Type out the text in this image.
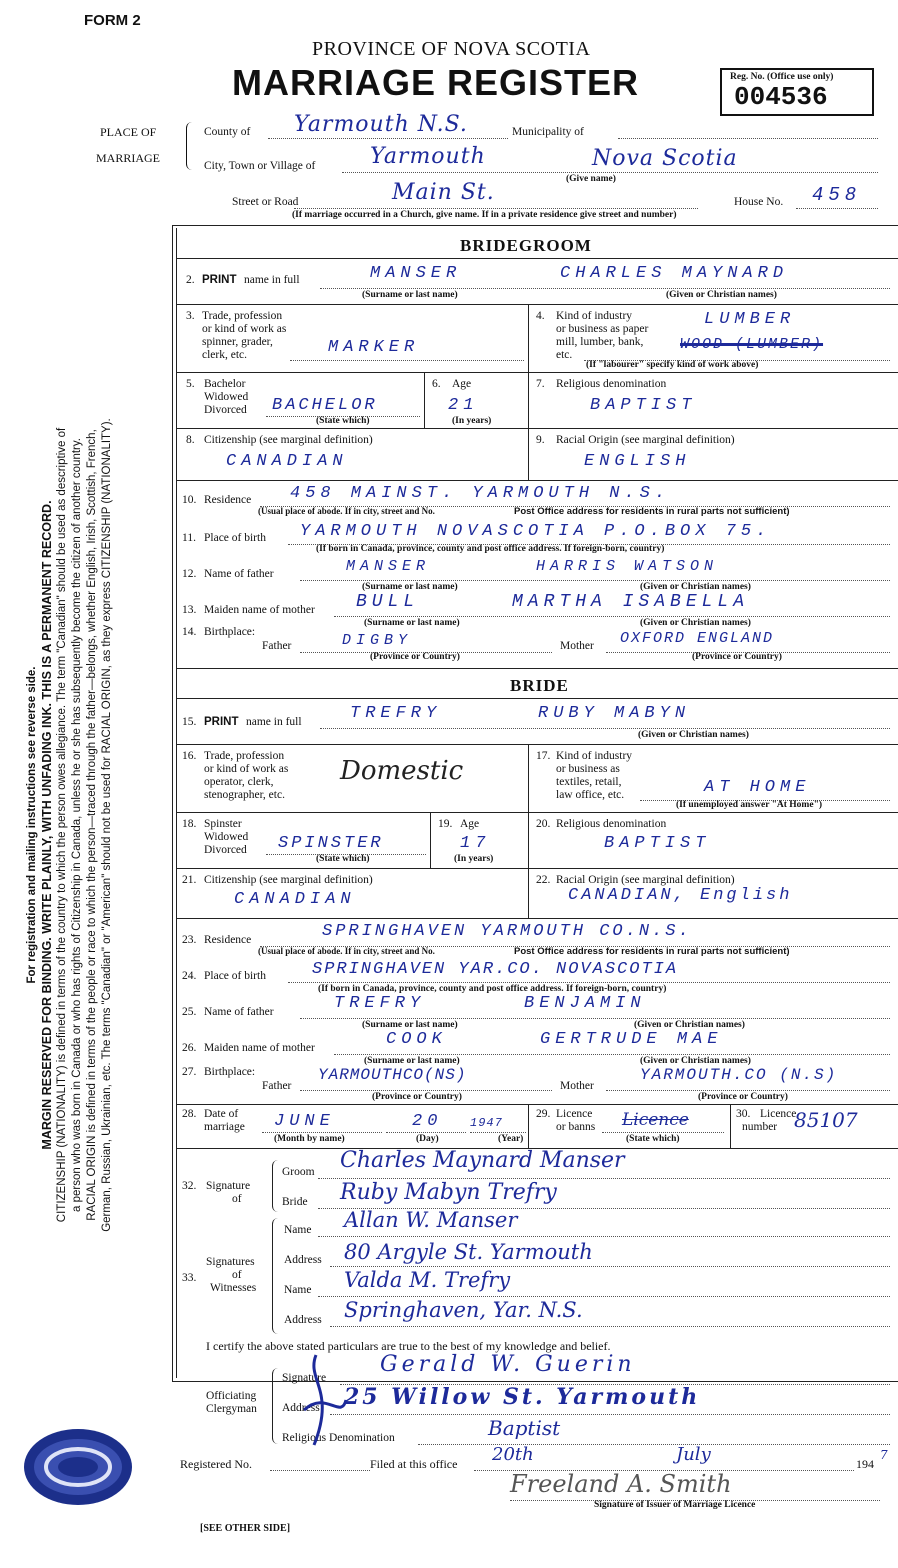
FORM 2
PROVINCE OF NOVA SCOTIA
MARRIAGE REGISTER	Reg. No. (Office use only)
004536
PLACE OF
MARRIAGE
County of Yarmouth N.S.	Municipality of
City, Town or Village of Yarmouth	Nova Scotia
(Give name)
Street or Road	Main St.	House No. 458
(If marriage occurred in a Church, give name. If in a private residence give street and number)
BRIDEGROOM
2. PRINT name in full	MANSER	CHARLES MAYNARD
(Surname or last name)	(Given or Christian names)
3. Trade, profession
or kind of work as
spinner, grader,
clerk, etc.	MARKER
4. Kind of industry
or business as paper
mill, lumber, bank,
etc.
LUMBER
WOOD (LUMBER)
(If "labourer" specify kind of work above)
5. Bachelor
Widowed
Divorced BACHELOR
(State which)
6. Age
21
(In years)
7. Religious denomination
BAPTIST
8. Citizenship (see marginal definition)
CANADIAN
9. Racial Origin (see marginal definition)
ENGLISH
10. Residence 458 MAINST. YARMOUTH N.S.
(Usual place of abode. If in city, street and No.	Post Office address for residents in rural parts not sufficient)
11. Place of birth YARMOUTH NOVASCOTIA P.O.BOX 75.
(If born in Canada, province, county and post office address. If foreign-born, country)
12. Name of father	MANSER	HARRIS WATSON
(Surname or last name)	(Given or Christian names)
13. Maiden name of mother BULL	MARTHA ISABELLA
(Surname or last name)	(Given or Christian names)
14. Birthplace:
Father	DIGBY	Mother OXFORD ENGLAND
(Province or Country)	(Province or Country)
BRIDE
15. PRINT name in full	TREFRY	RUBY MABYN
(Given or Christian names)
16. Trade, profession
or kind of work as
operator, clerk,
stenographer, etc.
Domestic	17. Kind of industry
or business as
textiles, retail,
law office, etc.	AT HOME
(If unemployed answer "At Home")
18. Spinster
Widowed
Divorced SPINSTER
(State which)
19. Age
17
(In years)
20. Religious denomination
BAPTIST
21. Citizenship (see marginal definition)
CANADIAN
22. Racial Origin (see marginal definition)
CANADIAN, English
23. Residence	SPRINGHAVEN YARMOUTH CO.N.S.
(Usual place of abode. If in city, street and No.	Post Office address for residents in rural parts not sufficient)
24. Place of birth	SPRINGHAVEN YAR.CO. NOVASCOTIA
(If born in Canada, province, county and post office address. If foreign-born, country)
25. Name of father	TREFRY	BENJAMIN
(Surname or last name)	(Given or Christian names)
26. Maiden name of mother	COOK	GERTRUDE MAE
(Surname or last name)	(Given or Christian names)
27. Birthplace:
Father
YARMOUTHCO(NS)
Mother
YARMOUTH.CO (N.S)
(Province or Country)	(Province or Country)
28. Date of
marriage JUNE	20 1947
(Month by name)	(Day)	(Year)
29. Licence
or banns Licence
(State which)
30. Licence
number 85107
32. Signature
of
Groom Charles Maynard Manser
Bride Ruby Mabyn Trefry
33.
Signatures
of
Witnesses
Name Allan W. Manser
Address 80 Argyle St. Yarmouth
Name Valda M. Trefry
Address Springhaven, Yar. N.S.
I certify the above stated particulars are true to the best of my knowledge and belief.
Officiating
Clergyman
Signature
Gerald W. Guerin
Address 25 Willow St. Yarmouth
Religious Denomination	Baptist
Registered No.	Filed at this office 20th	July	194
7
Freeland A. Smith
Signature of Issuer of Marriage Licence
[SEE OTHER SIDE]

For registration and mailing instructions see reverse side. MARGIN RESERVED FOR BINDING. WRITE PLAINLY, WITH UNFADING INK. THIS IS A PERMANENT RECORD. CITIZENSHIP (NATIONALITY) is defined in terms of the country to which the person owes allegiance. The term "Canadian" should be used as descriptive of a person who was born in Canada or who has rights of Citizenship in Canada, unless he or she has subsequently become the citizen of another country. RACIAL ORIGIN is defined in terms of the people or race to which the person—traced through the father—belongs, whether English, Irish, Scottish, French, German, Russian, Ukrainian, etc. The terms "Canadian" or "American" should not be used for RACIAL ORIGIN, as they express CITIZENSHIP (NATIONALITY).
